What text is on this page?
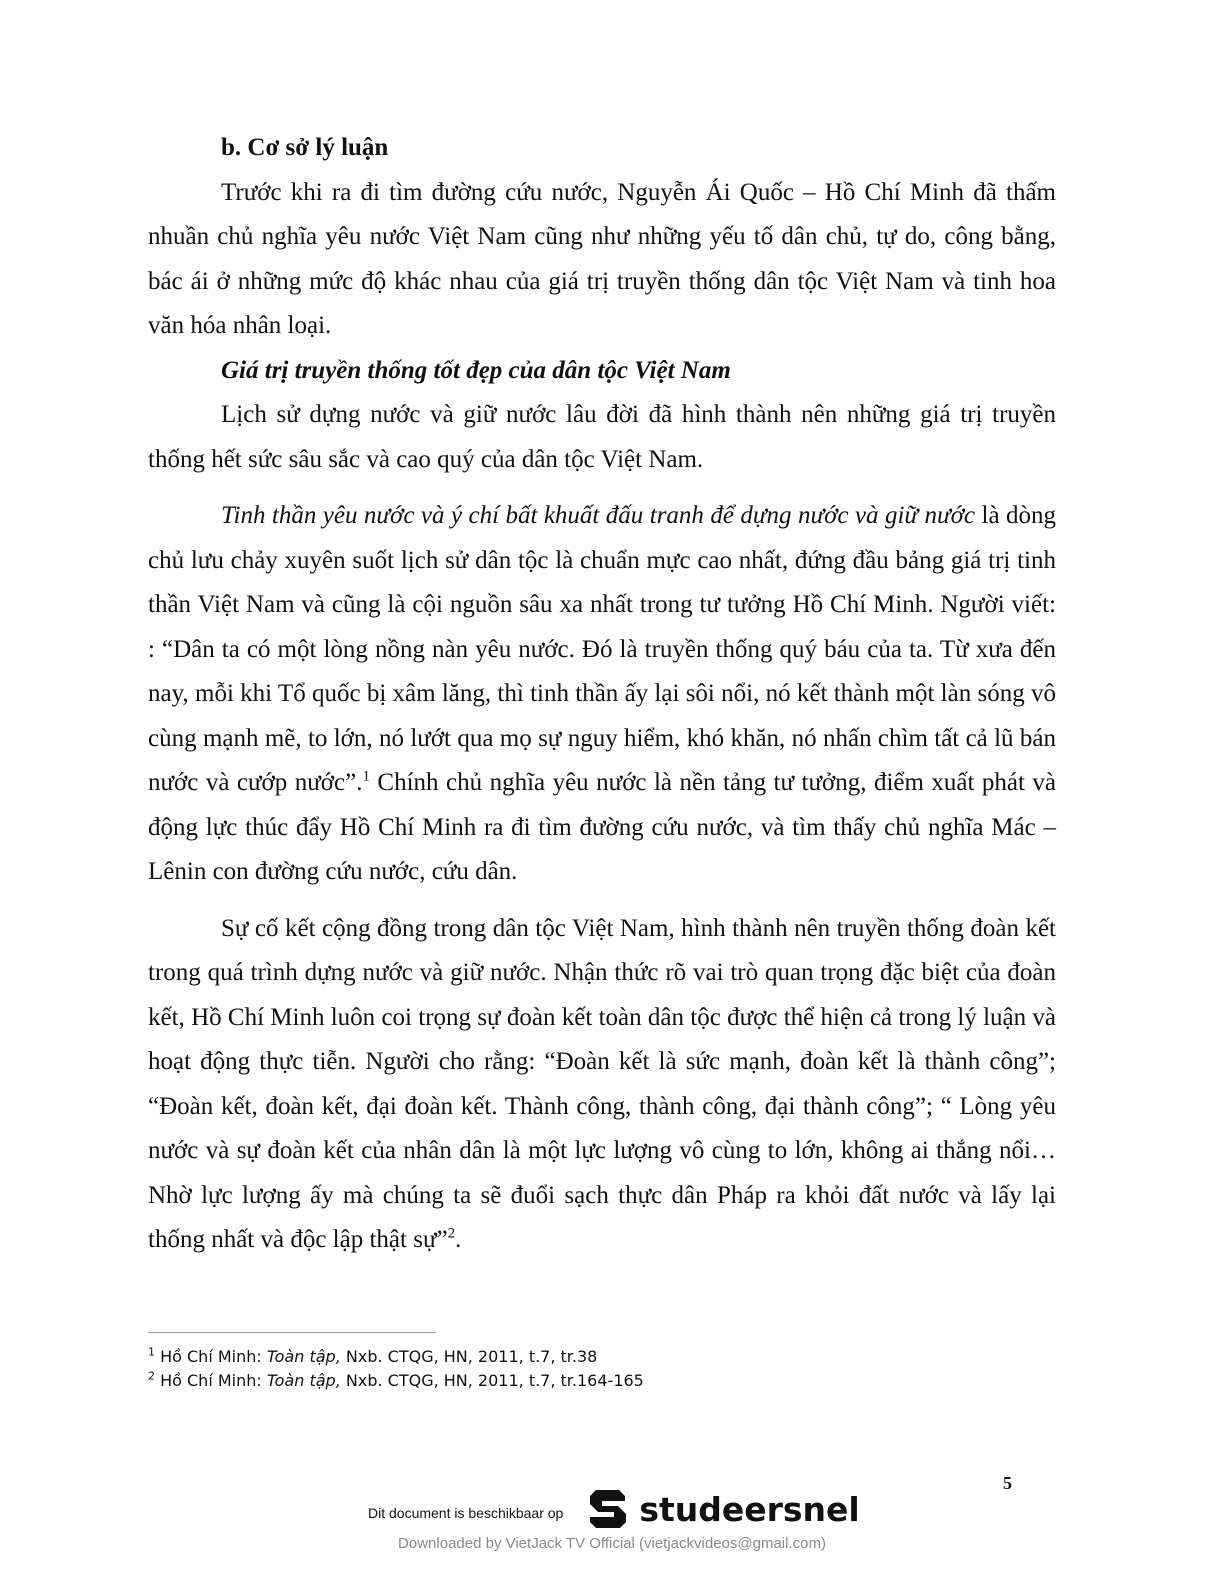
b. Cơ sở lý luận

Trước khi ra đi tìm đường cứu nước, Nguyễn Ái Quốc – Hồ Chí Minh đã thấm nhuần chủ nghĩa yêu nước Việt Nam cũng như những yếu tố dân chủ, tự do, công bằng, bác ái ở những mức độ khác nhau của giá trị truyền thống dân tộc Việt Nam và tinh hoa văn hóa nhân loại.

Giá trị truyền thống tốt đẹp của dân tộc Việt Nam

Lịch sử dựng nước và giữ nước lâu đời đã hình thành nên những giá trị truyền thống hết sức sâu sắc và cao quý của dân tộc Việt Nam.

Tinh thần yêu nước và ý chí bất khuất đấu tranh để dựng nước và giữ nước là dòng chủ lưu chảy xuyên suốt lịch sử dân tộc là chuẩn mực cao nhất, đứng đầu bảng giá trị tinh thần Việt Nam và cũng là cội nguồn sâu xa nhất trong tư tưởng Hồ Chí Minh. Người viết: : “Dân ta có một lòng nồng nàn yêu nước. Đó là truyền thống quý báu của ta. Từ xưa đến nay, mỗi khi Tổ quốc bị xâm lăng, thì tinh thần ấy lại sôi nổi, nó kết thành một làn sóng vô cùng mạnh mẽ, to lớn, nó lướt qua mọ sự nguy hiểm, khó khăn, nó nhấn chìm tất cả lũ bán nước và cướp nước”.$^1$ Chính chủ nghĩa yêu nước là nền tảng tư tưởng, điểm xuất phát và động lực thúc đẩy Hồ Chí Minh ra đi tìm đường cứu nước, và tìm thấy chủ nghĩa Mác – Lênin con đường cứu nước, cứu dân.

Sự cố kết cộng đồng trong dân tộc Việt Nam, hình thành nên truyền thống đoàn kết trong quá trình dựng nước và giữ nước. Nhận thức rõ vai trò quan trọng đặc biệt của đoàn kết, Hồ Chí Minh luôn coi trọng sự đoàn kết toàn dân tộc được thể hiện cả trong lý luận và hoạt động thực tiễn. Người cho rằng: “Đoàn kết là sức mạnh, đoàn kết là thành công”; “Đoàn kết, đoàn kết, đại đoàn kết. Thành công, thành công, đại thành công”; “ Lòng yêu nước và sự đoàn kết của nhân dân là một lực lượng vô cùng to lớn, không ai thắng nổi… Nhờ lực lượng ấy mà chúng ta sẽ đuổi sạch thực dân Pháp ra khỏi đất nước và lấy lại thống nhất và độc lập thật sự”$^2$.

$^1$ Hồ Chí Minh: Toàn tập, Nxb. CTQG, HN, 2011, t.7, tr.38

$^2$ Hồ Chí Minh: Toàn tập, Nxb. CTQG, HN, 2011, t.7, tr.164-165

5
Dit document is beschikbaar op studeersnel
Downloaded by VietJack TV Official (vietjackvideos@gmail.com)
